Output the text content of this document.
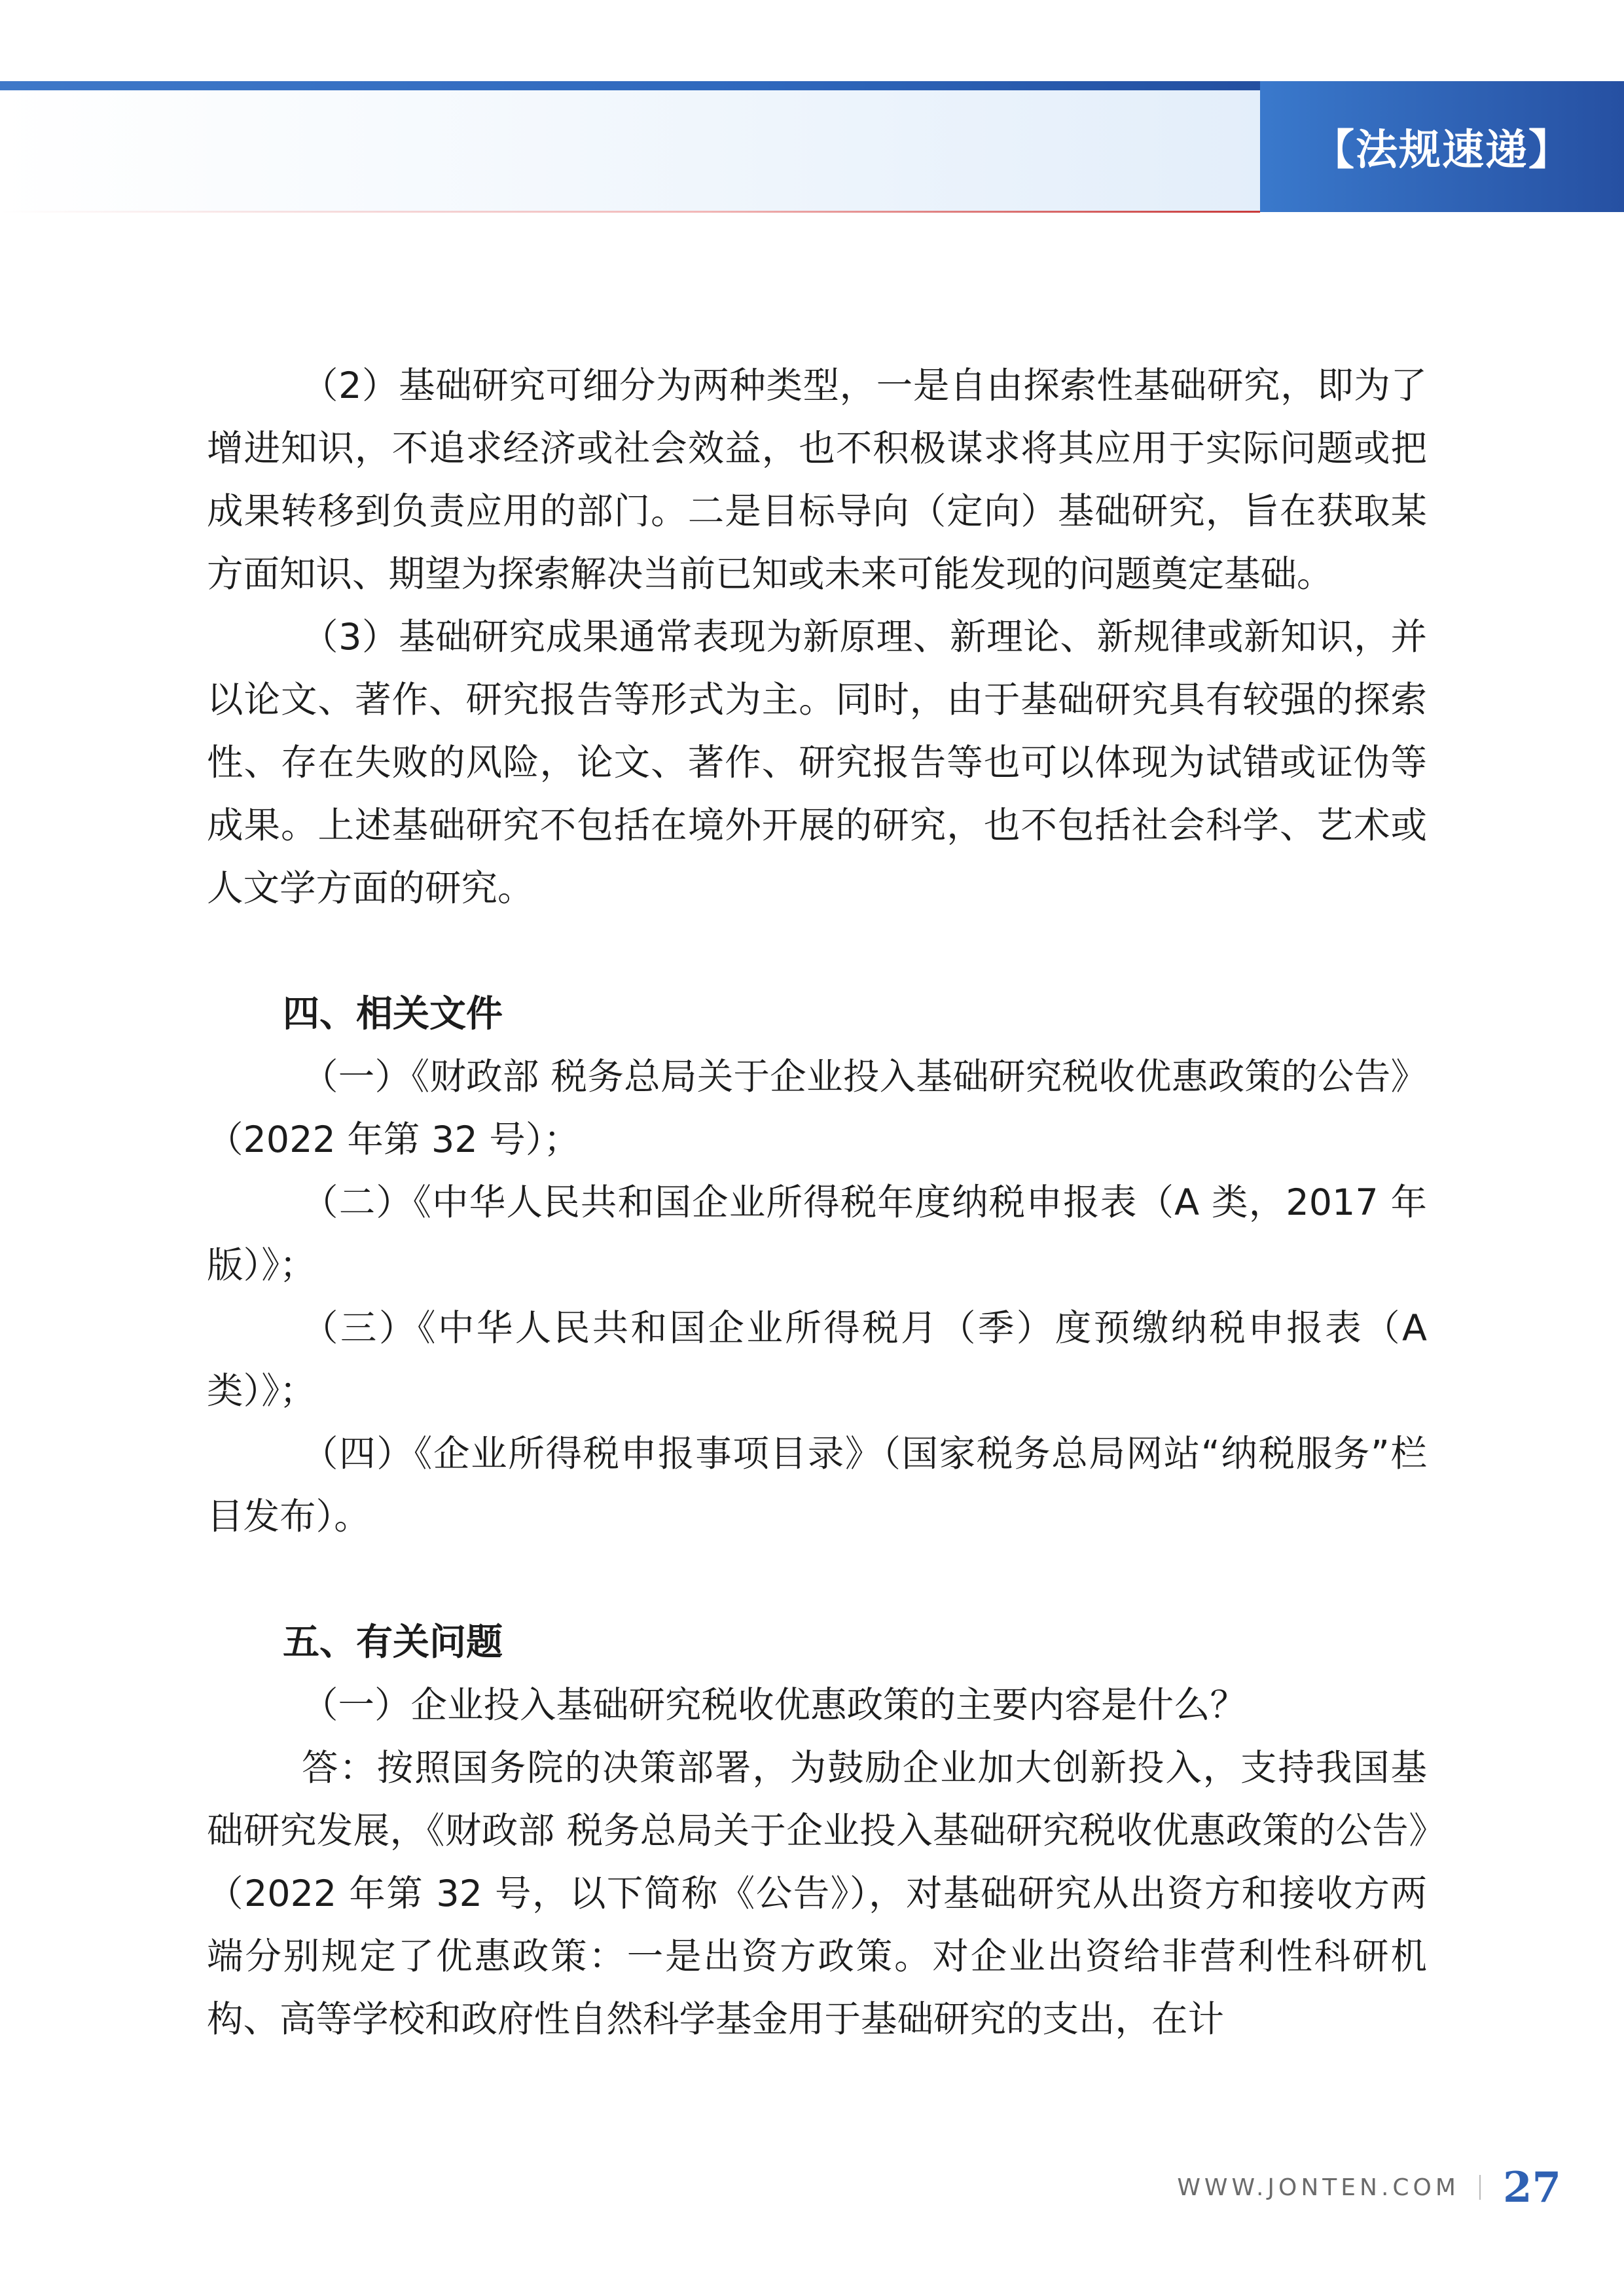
【法规速递】

（2）基础研究可细分为两种类型，一是自由探索性基础研究，即为了增进知识，不追求经济或社会效益，也不积极谋求将其应用于实际问题或把成果转移到负责应用的部门。二是目标导向（定向）基础研究，旨在获取某方面知识、期望为探索解决当前已知或未来可能发现的问题奠定基础。

（3）基础研究成果通常表现为新原理、新理论、新规律或新知识，并以论文、著作、研究报告等形式为主。同时，由于基础研究具有较强的探索性、存在失败的风险，论文、著作、研究报告等也可以体现为试错或证伪等成果。上述基础研究不包括在境外开展的研究，也不包括社会科学、艺术或人文学方面的研究。

四、相关文件

（一）《财政部 税务总局关于企业投入基础研究税收优惠政策的公告》（2022 年第 32 号）；

（二）《中华人民共和国企业所得税年度纳税申报表（A 类，2017 年版）》；

（三）《中华人民共和国企业所得税月（季）度预缴纳税申报表（A 类）》；

（四）《企业所得税申报事项目录》（国家税务总局网站“纳税服务”栏目发布）。

五、有关问题

（一）企业投入基础研究税收优惠政策的主要内容是什么？

答：按照国务院的决策部署，为鼓励企业加大创新投入，支持我国基础研究发展，《财政部 税务总局关于企业投入基础研究税收优惠政策的公告》（2022 年第 32 号，以下简称《公告》），对基础研究从出资方和接收方两端分别规定了优惠政策：一是出资方政策。对企业出资给非营利性科研机构、高等学校和政府性自然科学基金用于基础研究的支出，在计

WWW.JONTEN.COM 27
